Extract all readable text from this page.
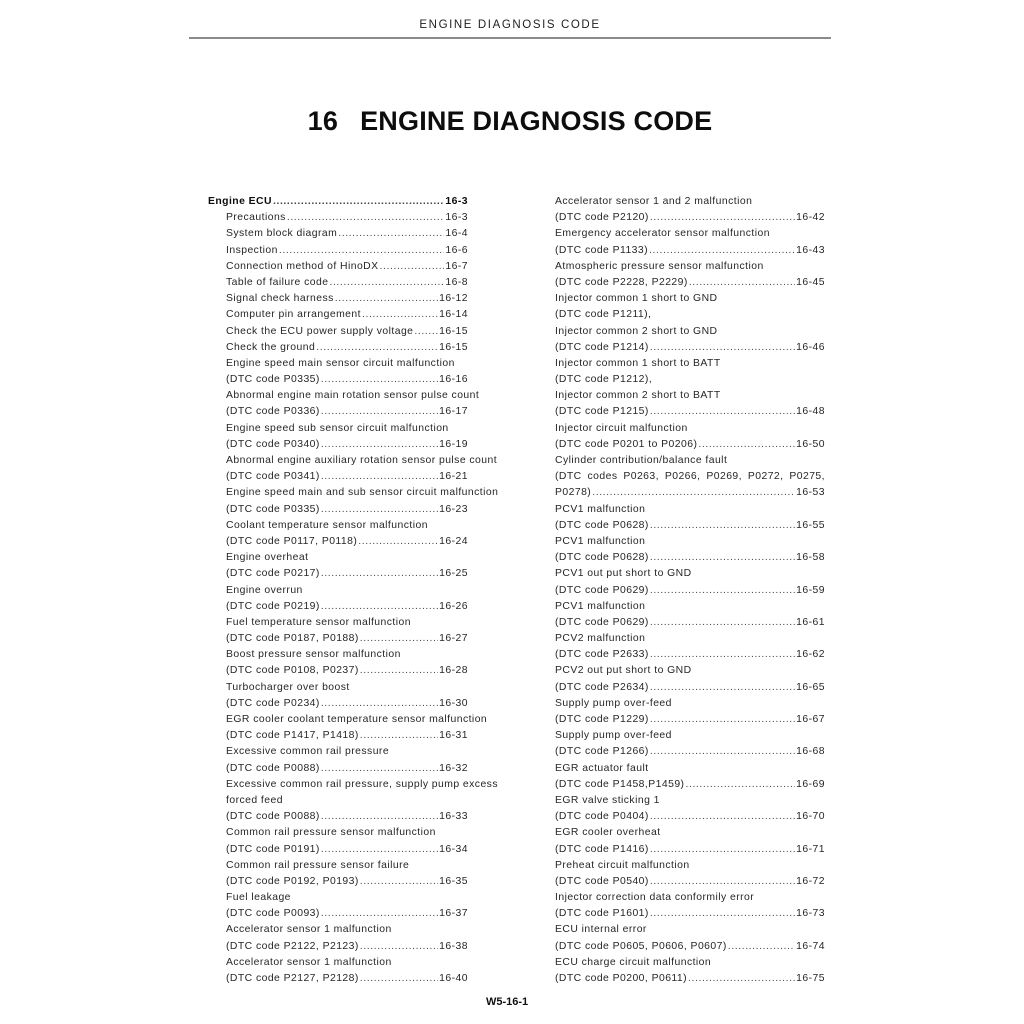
ENGINE DIAGNOSIS CODE
16 ENGINE DIAGNOSIS CODE
Engine ECU .....	16-3
Precautions .....	16-3
System block diagram .....	16-4
Inspection .....	16-6
Connection method of HinoDX .....	16-7
Table of failure code .....	16-8
Signal check harness .....	16-12
Computer pin arrangement .....	16-14
Check the ECU power supply voltage ..... 16-15
Check the ground .....	16-15
Engine speed main sensor circuit malfunction
(DTC code P0335) .....	16-16
Abnormal engine main rotation sensor pulse count
(DTC code P0336) .....	16-17
Engine speed sub sensor circuit malfunction
(DTC code P0340) .....	16-19
Abnormal engine auxiliary rotation sensor pulse count
(DTC code P0341) .....	16-21
Engine speed main and sub sensor circuit malfunction
(DTC code P0335) .....	16-23
Coolant temperature sensor malfunction
(DTC code P0117, P0118) .....	16-24
Engine overheat
(DTC code P0217) .....	16-25
Engine overrun
(DTC code P0219) .....	16-26
Fuel temperature sensor malfunction
(DTC code P0187, P0188) .....	16-27
Boost pressure sensor malfunction
(DTC code P0108, P0237) .....	16-28
Turbocharger over boost
(DTC code P0234) .....	16-30
EGR cooler coolant temperature sensor malfunction
(DTC code P1417, P1418) .....	16-31
Excessive common rail pressure
(DTC code P0088) .....	16-32
Excessive common rail pressure, supply pump excess
forced feed
(DTC code P0088) .....	16-33
Common rail pressure sensor malfunction
(DTC code P0191) .....	16-34
Common rail pressure sensor failure
(DTC code P0192, P0193) .....	16-35
Fuel leakage
(DTC code P0093) .....	16-37
Accelerator sensor 1 malfunction
(DTC code P2122, P2123) .....	16-38
Accelerator sensor 1 malfunction
(DTC code P2127, P2128) .....	16-40
Accelerator sensor 1 and 2 malfunction
(DTC code P2120) .....	16-42
Emergency accelerator sensor malfunction
(DTC code P1133) .....	16-43
Atmospheric pressure sensor malfunction
(DTC code P2228, P2229) .....	16-45
Injector common 1 short to GND
(DTC code P1211),
Injector common 2 short to GND
(DTC code P1214) .....	16-46
Injector common 1 short to BATT
(DTC code P1212),
Injector common 2 short to BATT
(DTC code P1215) .....	16-48
Injector circuit malfunction
(DTC code P0201 to P0206) .....	16-50
Cylinder contribution/balance fault
(DTC codes P0263, P0266, P0269, P0272, P0275,
P0278) .....	16-53
PCV1 malfunction
(DTC code P0628) .....	16-55
PCV1 malfunction
(DTC code P0628) .....	16-58
PCV1 out put short to GND
(DTC code P0629) .....	16-59
PCV1 malfunction
(DTC code P0629) .....	16-61
PCV2 malfunction
(DTC code P2633) .....	16-62
PCV2 out put short to GND
(DTC code P2634) .....	16-65
Supply pump over-feed
(DTC code P1229) .....	16-67
Supply pump over-feed
(DTC code P1266) .....	16-68
EGR actuator fault
(DTC code P1458,P1459) .....	16-69
EGR valve sticking 1
(DTC code P0404) .....	16-70
EGR cooler overheat
(DTC code P1416) .....	16-71
Preheat circuit malfunction
(DTC code P0540) .....	16-72
Injector correction data conformily error
(DTC code P1601) .....	16-73
ECU internal error
(DTC code P0605, P0606, P0607) .....	16-74
ECU charge circuit malfunction
(DTC code P0200, P0611) .....	16-75
W5-16-1
